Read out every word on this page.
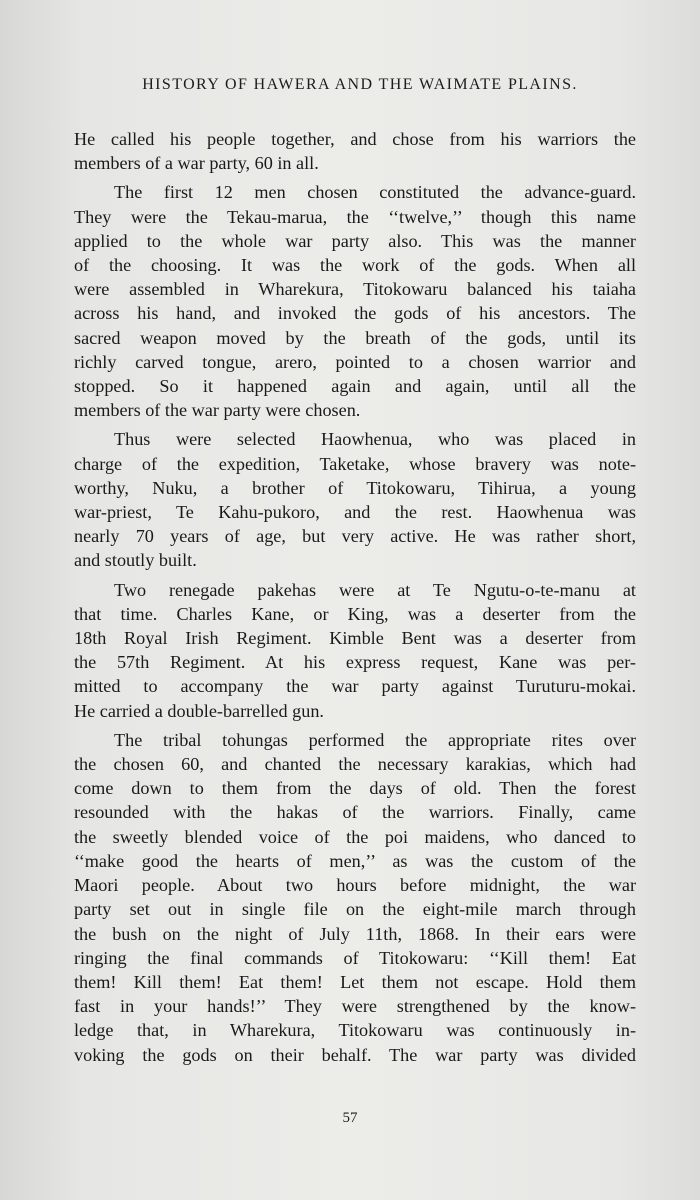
HISTORY OF HAWERA AND THE WAIMATE PLAINS.
He called his people together, and chose from his warriors the
members of a war party, 60 in all.
The first 12 men chosen constituted the advance-guard.
They were the Tekau-marua, the ‘‘twelve,’’ though this name
applied to the whole war party also. This was the manner
of the choosing. It was the work of the gods. When all
were assembled in Wharekura, Titokowaru balanced his taiaha
across his hand, and invoked the gods of his ancestors. The
sacred weapon moved by the breath of the gods, until its
richly carved tongue, arero, pointed to a chosen warrior and
stopped. So it happened again and again, until all the
members of the war party were chosen.
Thus were selected Haowhenua, who was placed in
charge of the expedition, Taketake, whose bravery was note-
worthy, Nuku, a brother of Titokowaru, Tihirua, a young
war-priest, Te Kahu-pukoro, and the rest. Haowhenua was
nearly 70 years of age, but very active. He was rather short,
and stoutly built.
Two renegade pakehas were at Te Ngutu-o-te-manu at
that time. Charles Kane, or King, was a deserter from the
18th Royal Irish Regiment. Kimble Bent was a deserter from
the 57th Regiment. At his express request, Kane was per-
mitted to accompany the war party against Turuturu-mokai.
He carried a double-barrelled gun.
The tribal tohungas performed the appropriate rites over
the chosen 60, and chanted the necessary karakias, which had
come down to them from the days of old. Then the forest
resounded with the hakas of the warriors. Finally, came
the sweetly blended voice of the poi maidens, who danced to
‘‘make good the hearts of men,’’ as was the custom of the
Maori people. About two hours before midnight, the war
party set out in single file on the eight-mile march through
the bush on the night of July 11th, 1868. In their ears were
ringing the final commands of Titokowaru: ‘‘Kill them! Eat
them! Kill them! Eat them! Let them not escape. Hold them
fast in your hands!’’ They were strengthened by the know-
ledge that, in Wharekura, Titokowaru was continuously in-
voking the gods on their behalf. The war party was divided
57
